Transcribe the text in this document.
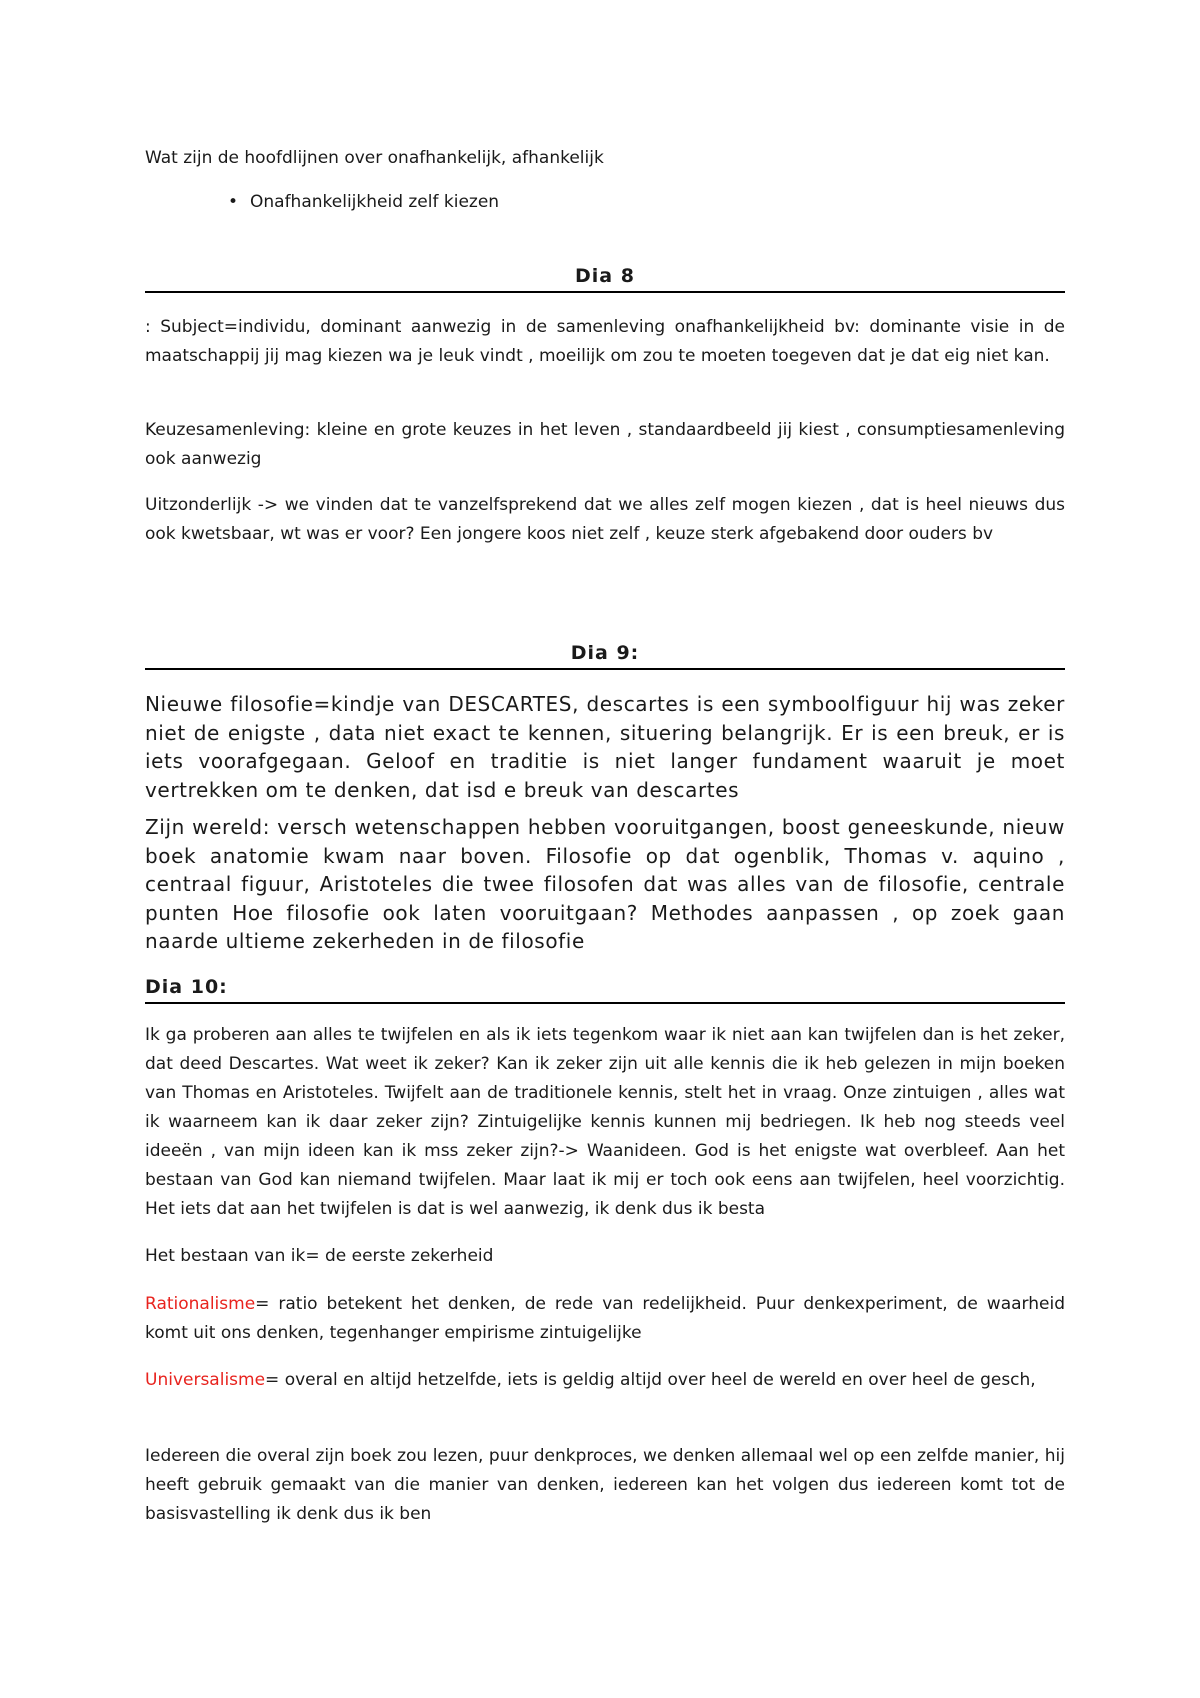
Wat zijn de hoofdlijnen over onafhankelijk, afhankelijk

• Onafhankelijkheid zelf kiezen

Dia 8

: Subject=individu, dominant aanwezig in de samenleving onafhankelijkheid bv: dominante visie in de maatschappij jij mag kiezen wa je leuk vindt , moeilijk om zou te moeten toegeven dat je dat eig niet kan.

Keuzesamenleving: kleine en grote keuzes in het leven , standaardbeeld jij kiest , consumptiesamenleving ook aanwezig

Uitzonderlijk -> we vinden dat te vanzelfsprekend dat we alles zelf mogen kiezen , dat is heel nieuws dus ook kwetsbaar, wt was er voor? Een jongere koos niet zelf , keuze sterk afgebakend door ouders bv

Dia 9:

Nieuwe filosofie=kindje van DESCARTES, descartes is een symboolfiguur hij was zeker niet de enigste , data niet exact te kennen, situering belangrijk. Er is een breuk, er is iets voorafgegaan. Geloof en traditie is niet langer fundament waaruit je moet vertrekken om te denken, dat isd e breuk van descartes

Zijn wereld: versch wetenschappen hebben vooruitgangen, boost geneeskunde, nieuw boek anatomie kwam naar boven. Filosofie op dat ogenblik, Thomas v. aquino , centraal figuur, Aristoteles die twee filosofen dat was alles van de filosofie, centrale punten Hoe filosofie ook laten vooruitgaan? Methodes aanpassen , op zoek gaan naarde ultieme zekerheden in de filosofie

Dia 10:

Ik ga proberen aan alles te twijfelen en als ik iets tegenkom waar ik niet aan kan twijfelen dan is het zeker, dat deed Descartes. Wat weet ik zeker? Kan ik zeker zijn uit alle kennis die ik heb gelezen in mijn boeken van Thomas en Aristoteles. Twijfelt aan de traditionele kennis, stelt het in vraag. Onze zintuigen , alles wat ik waarneem kan ik daar zeker zijn? Zintuigelijke kennis kunnen mij bedriegen. Ik heb nog steeds veel ideeën , van mijn ideen kan ik mss zeker zijn?-> Waanideen. God is het enigste wat overbleef. Aan het bestaan van God kan niemand twijfelen. Maar laat ik mij er toch ook eens aan twijfelen, heel voorzichtig. Het iets dat aan het twijfelen is dat is wel aanwezig, ik denk dus ik besta

Het bestaan van ik= de eerste zekerheid

Rationalisme= ratio betekent het denken, de rede van redelijkheid. Puur denkexperiment, de waarheid komt uit ons denken, tegenhanger empirisme zintuigelijke

Universalisme= overal en altijd hetzelfde, iets is geldig altijd over heel de wereld en over heel de gesch,

Iedereen die overal zijn boek zou lezen, puur denkproces, we denken allemaal wel op een zelfde manier, hij heeft gebruik gemaakt van die manier van denken, iedereen kan het volgen dus iedereen komt tot de basisvastelling ik denk dus ik ben
